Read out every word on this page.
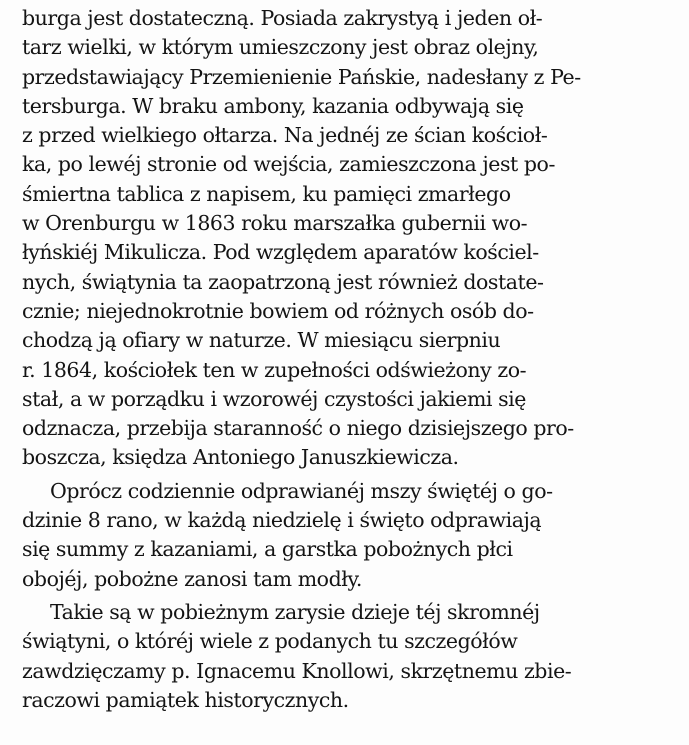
burga jest dostateczną. Posiada zakrystyą i jeden oł-
tarz wielki, w którym umieszczony jest obraz olejny,
przedstawiający Przemienienie Pańskie, nadesłany z Pe-
tersburga. W braku ambony, kazania odbywają się
z przed wielkiego ołtarza. Na jednéj ze ścian kościoł-
ka, po lewéj stronie od wejścia, zamieszczona jest po-
śmiertna tablica z napisem, ku pamięci zmarłego
w Orenburgu w 1863 roku marszałka gubernii wo-
łyńskiéj Mikulicza. Pod względem aparatów kościel-
nych, świątynia ta zaopatrzoną jest również dostate-
cznie; niejednokrotnie bowiem od różnych osób do-
chodzą ją ofiary w naturze. W miesiącu sierpniu
r. 1864, kościołek ten w zupełności odświeżony zo-
stał, a w porządku i wzorowéj czystości jakiemi się
odznacza, przebija staranność o niego dzisiejszego pro-
boszcza, księdza Antoniego Januszkiewicza.
Oprócz codziennie odprawianéj mszy świętéj o go-
dzinie 8 rano, w każdą niedzielę i święto odprawiają
się summy z kazaniami, a garstka pobożnych płci
obojéj, pobożne zanosi tam modły.
Takie są w pobieżnym zarysie dzieje téj skromnéj
świątyni, o któréj wiele z podanych tu szczegółów
zawdzięczamy p. Ignacemu Knollowi, skrzętnemu zbie-
raczowi pamiątek historycznych.
